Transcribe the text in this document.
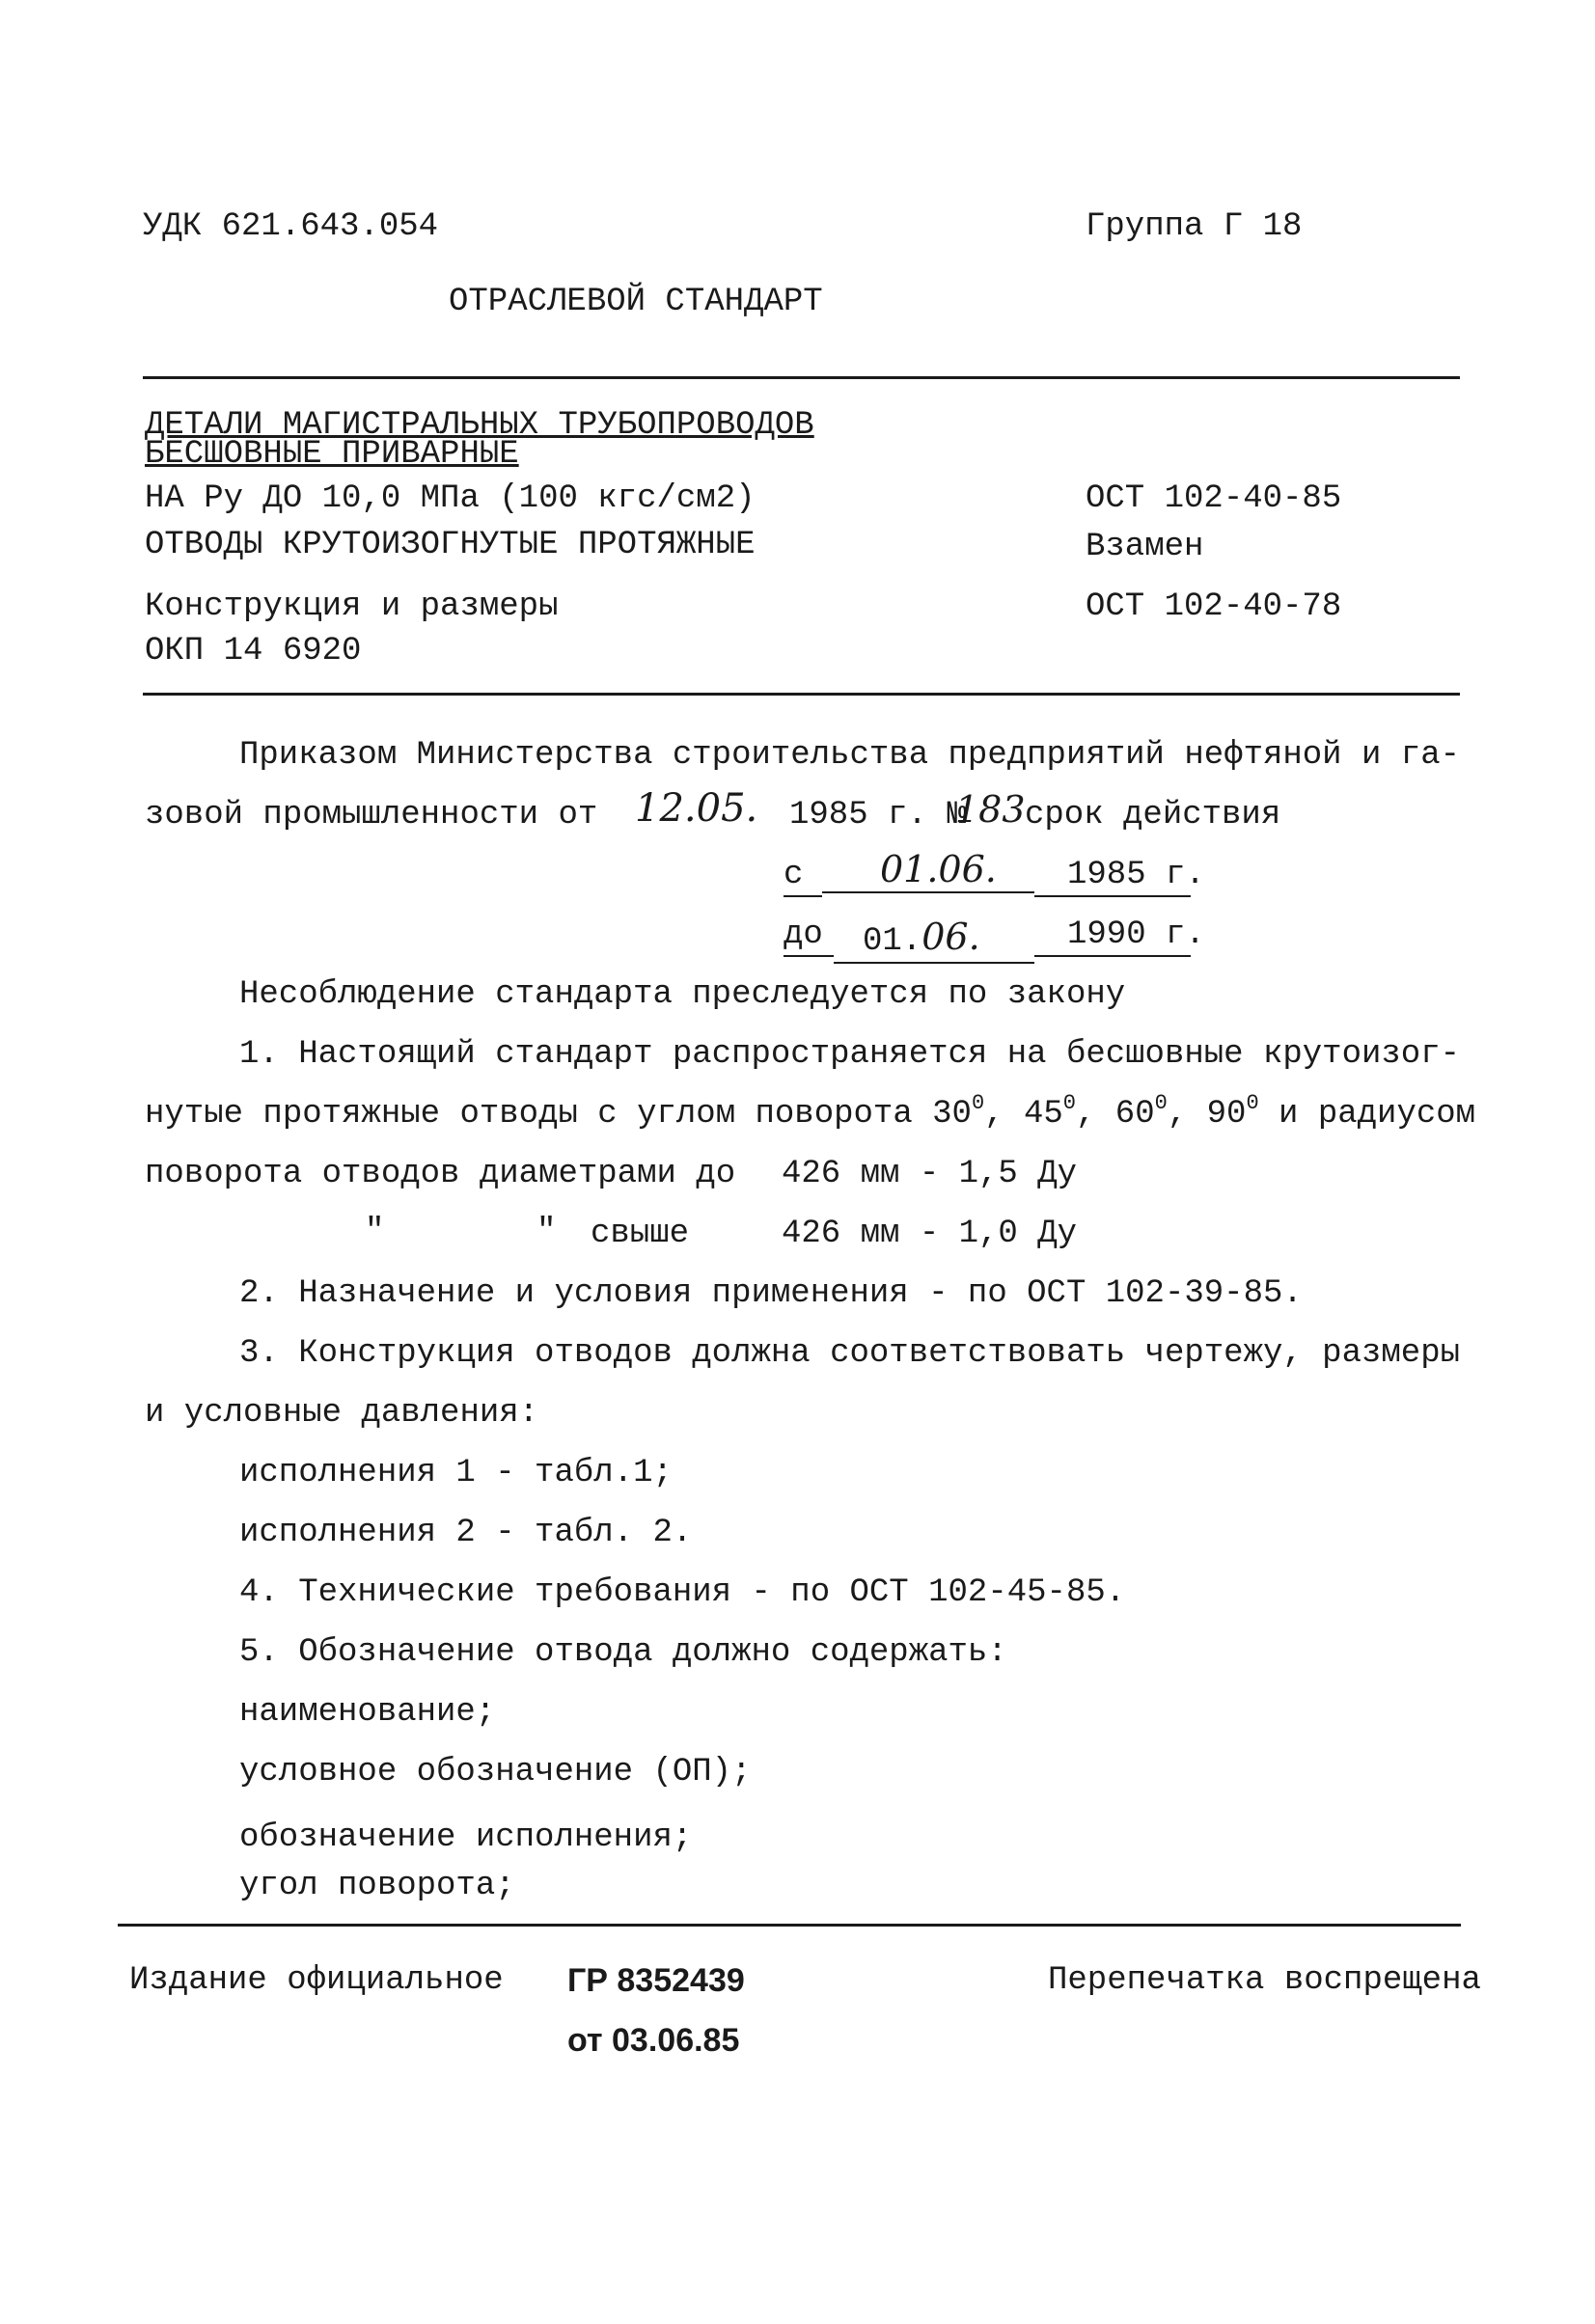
УДК 621.643.054	Группа Г 18
ОТРАСЛЕВОЙ СТАНДАРТ
ДЕТАЛИ МАГИСТРАЛЬНЫХ ТРУБОПРОВОДОВ
БЕСШОВНЫЕ ПРИВАРНЫЕ
НА Ру ДО 10,0 МПа (100 кгс/см2)
ОТВОДЫ КРУТОИЗОГНУТЫЕ ПРОТЯЖНЫЕ
Конструкция и размеры
ОКП 14 6920
ОСТ 102-40-85
Взамен
ОСТ 102-40-78
Приказом Министерства строительства предприятий нефтяной и га-
зовой промышленности от 12.05. 1985 г. №
183 срок действия
с	01.06.	1985 г.
до	01.06.	1990 г.
Несоблюдение стандарта преследуется по закону
1. Настоящий стандарт распространяется на бесшовные крутоизог-
нутые протяжные отводы с углом поворота $30^0$, $45^0$, $60^0$, $90^0$ и радиусом
поворота отводов диаметрами до 426 мм - 1,5 Ду
"	" свыше	426 мм - 1,0 Ду
2. Назначение и условия применения - по ОСТ 102-39-85.
3. Конструкция отводов должна соответствовать чертежу, размеры
и условные давления:
исполнения 1 - табл.1;
исполнения 2 - табл. 2.
4. Технические требования - по ОСТ 102-45-85.
5. Обозначение отвода должно содержать:
наименование;
условное обозначение (ОП);
обозначение исполнения;
угол поворота;
Издание официальное ГР 8352439
от 03.06.85
Перепечатка воспрещена
